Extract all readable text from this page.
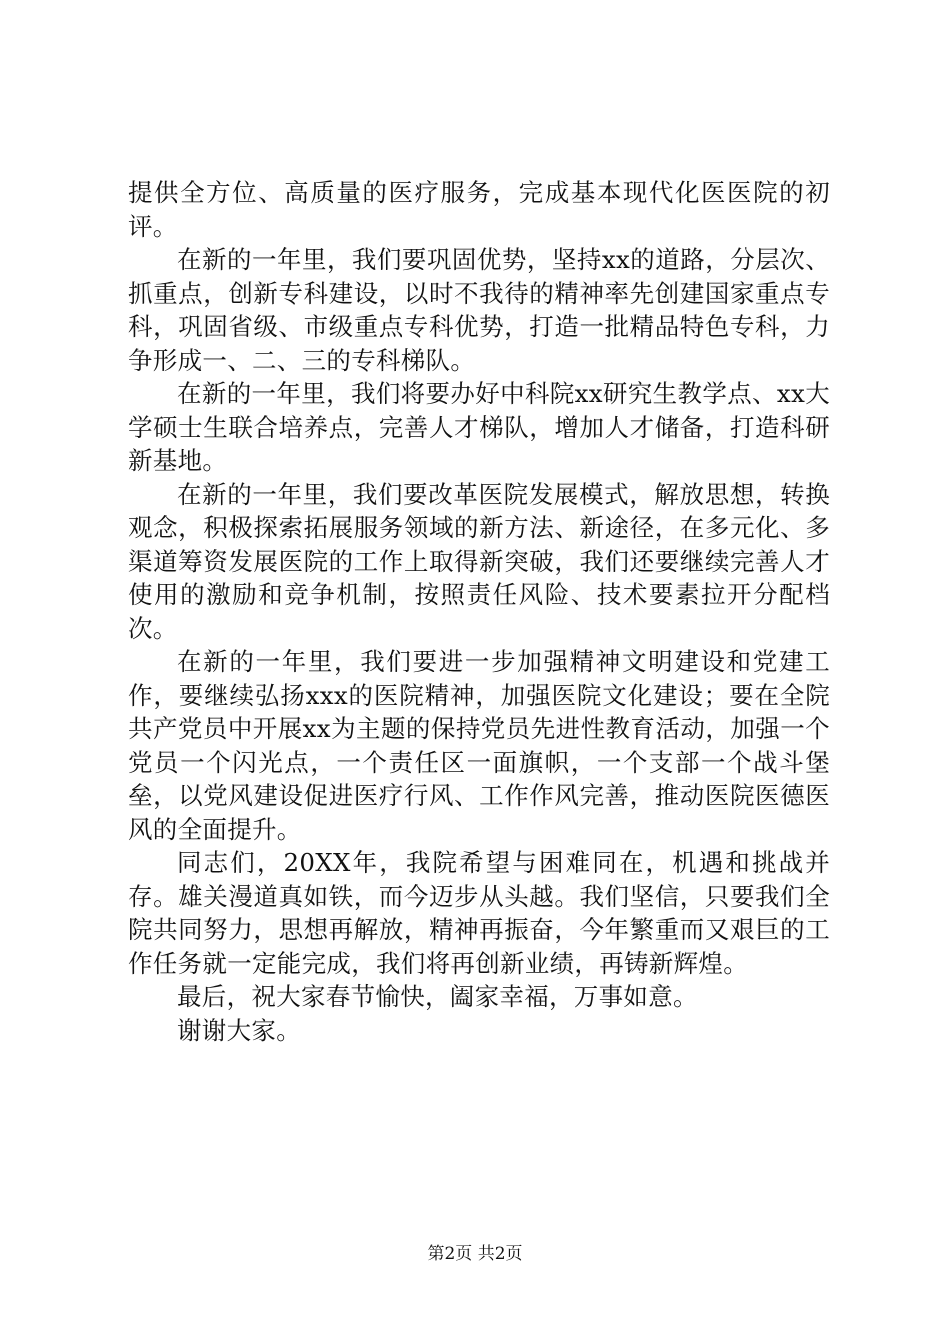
提供全方位、高质量的医疗服务，完成基本现代化医医院的初评。

在新的一年里，我们要巩固优势，坚持xx的道路，分层次、抓重点，创新专科建设，以时不我待的精神率先创建国家重点专科，巩固省级、市级重点专科优势，打造一批精品特色专科，力争形成一、二、三的专科梯队。

在新的一年里，我们将要办好中科院xx研究生教学点、xx大学硕士生联合培养点，完善人才梯队，增加人才储备，打造科研新基地。

在新的一年里，我们要改革医院发展模式，解放思想，转换观念，积极探索拓展服务领域的新方法、新途径，在多元化、多渠道筹资发展医院的工作上取得新突破，我们还要继续完善人才使用的激励和竞争机制，按照责任风险、技术要素拉开分配档次。

在新的一年里，我们要进一步加强精神文明建设和党建工作，要继续弘扬xxx的医院精神，加强医院文化建设；要在全院共产党员中开展xx为主题的保持党员先进性教育活动，加强一个党员一个闪光点，一个责任区一面旗帜，一个支部一个战斗堡垒，以党风建设促进医疗行风、工作作风完善，推动医院医德医风的全面提升。

同志们，20XX年，我院希望与困难同在，机遇和挑战并存。雄关漫道真如铁，而今迈步从头越。我们坚信，只要我们全院共同努力，思想再解放，精神再振奋，今年繁重而又艰巨的工作任务就一定能完成，我们将再创新业绩，再铸新辉煌。

最后，祝大家春节愉快，阖家幸福，万事如意。

谢谢大家。

第2页 共2页
